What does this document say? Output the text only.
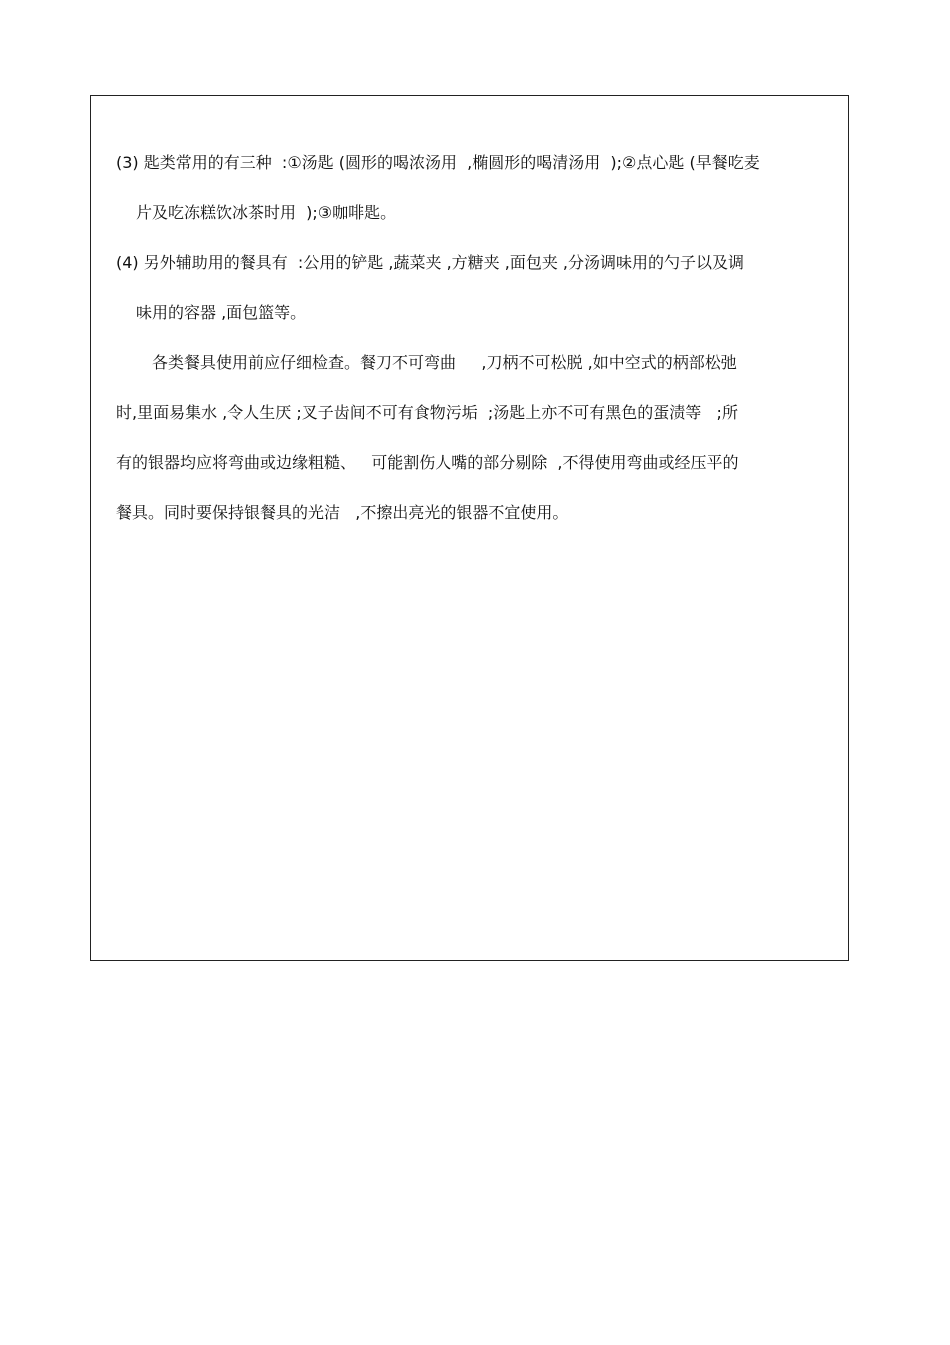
(3) 匙类常用的有三种  :①汤匙 (圆形的喝浓汤用  ,椭圆形的喝清汤用  );②点心匙 (早餐吃麦
片及吃冻糕饮冰茶时用  );③咖啡匙。
(4) 另外辅助用的餐具有  :公用的铲匙 ,蔬菜夹 ,方糖夹 ,面包夹 ,分汤调味用的勺子以及调
味用的容器 ,面包篮等。
各类餐具使用前应仔细检查。餐刀不可弯曲     ,刀柄不可松脱 ,如中空式的柄部松弛
时,里面易集水 ,令人生厌 ;叉子齿间不可有食物污垢  ;汤匙上亦不可有黑色的蛋渍等   ;所
有的银器均应将弯曲或边缘粗糙、   可能割伤人嘴的部分剔除  ,不得使用弯曲或经压平的
餐具。同时要保持银餐具的光洁   ,不擦出亮光的银器不宜使用。
